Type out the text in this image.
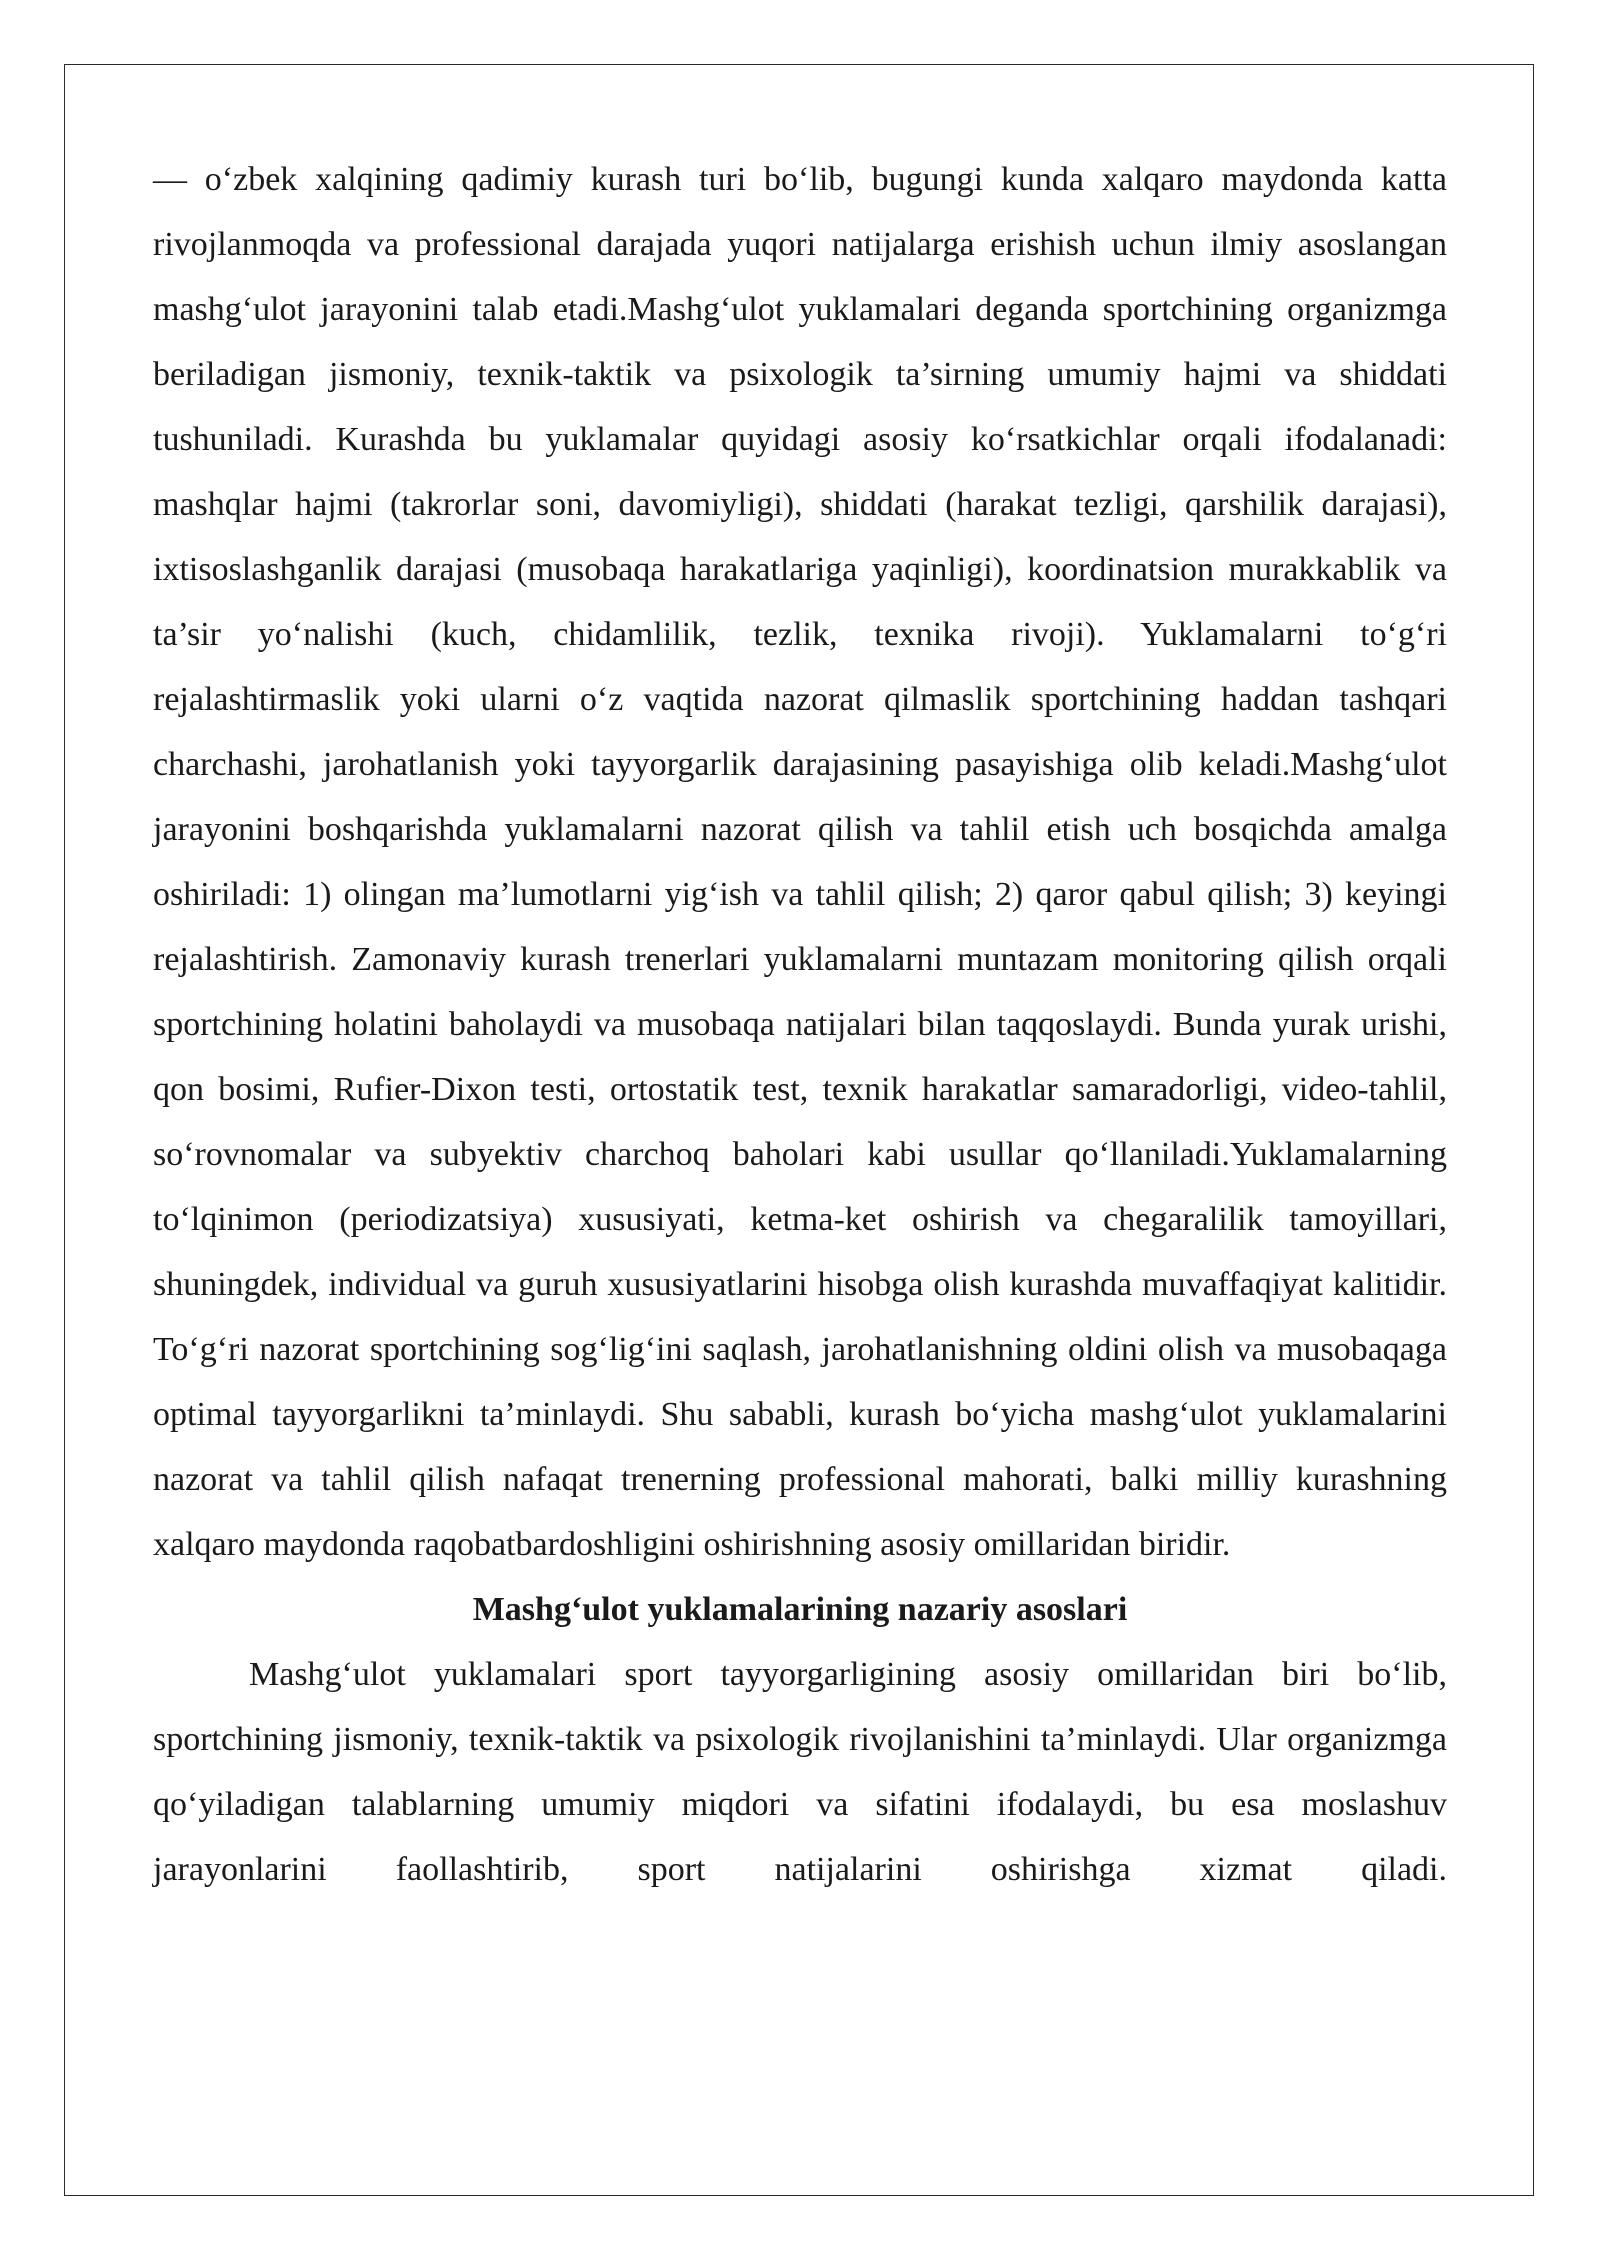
— o‘zbek xalqining qadimiy kurash turi bo‘lib, bugungi kunda xalqaro maydonda katta rivojlanmoqda va professional darajada yuqori natijalarga erishish uchun ilmiy asoslangan mashg‘ulot jarayonini talab etadi.Mashg‘ulot yuklamalari deganda sportchining organizmga beriladigan jismoniy, texnik-taktik va psixologik ta’sirning umumiy hajmi va shiddati tushuniladi. Kurashda bu yuklamalar quyidagi asosiy ko‘rsatkichlar orqali ifodalanadi: mashqlar hajmi (takrorlar soni, davomiyligi), shiddati (harakat tezligi, qarshilik darajasi), ixtisoslashganlik darajasi (musobaqa harakatlariga yaqinligi), koordinatsion murakkablik va ta’sir yo‘nalishi (kuch, chidamlilik, tezlik, texnika rivoji). Yuklamalarni to‘g‘ri rejalashtirmaslik yoki ularni o‘z vaqtida nazorat qilmaslik sportchining haddan tashqari charchashi, jarohatlanish yoki tayyorgarlik darajasining pasayishiga olib keladi.Mashg‘ulot jarayonini boshqarishda yuklamalarni nazorat qilish va tahlil etish uch bosqichda amalga oshiriladi: 1) olingan ma’lumotlarni yig‘ish va tahlil qilish; 2) qaror qabul qilish; 3) keyingi rejalashtirish. Zamonaviy kurash trenerlari yuklamalarni muntazam monitoring qilish orqali sportchining holatini baholaydi va musobaqa natijalari bilan taqqoslaydi. Bunda yurak urishi, qon bosimi, Rufier-Dixon testi, ortostatik test, texnik harakatlar samaradorligi, video-tahlil, so‘rovnomalar va subyektiv charchoq baholari kabi usullar qo‘llaniladi.Yuklamalarning to‘lqinimon (periodizatsiya) xususiyati, ketma-ket oshirish va chegaralilik tamoyillari, shuningdek, individual va guruh xususiyatlarini hisobga olish kurashda muvaffaqiyat kalitidir. To‘g‘ri nazorat sportchining sog‘lig‘ini saqlash, jarohatlanishning oldini olish va musobaqaga optimal tayyorgarlikni ta’minlaydi. Shu sababli, kurash bo‘yicha mashg‘ulot yuklamalarini nazorat va tahlil qilish nafaqat trenerning professional mahorati, balki milliy kurashning xalqaro maydonda raqobatbardoshligini oshirishning asosiy omillaridan biridir.

Mashg‘ulot yuklamalarining nazariy asoslari

Mashg‘ulot yuklamalari sport tayyorgarligining asosiy omillaridan biri bo‘lib, sportchining jismoniy, texnik-taktik va psixologik rivojlanishini ta’minlaydi. Ular organizmga qo‘yiladigan talablarning umumiy miqdori va sifatini ifodalaydi, bu esa moslashuv jarayonlarini faollashtirib, sport natijalarini oshirishga xizmat qiladi.
